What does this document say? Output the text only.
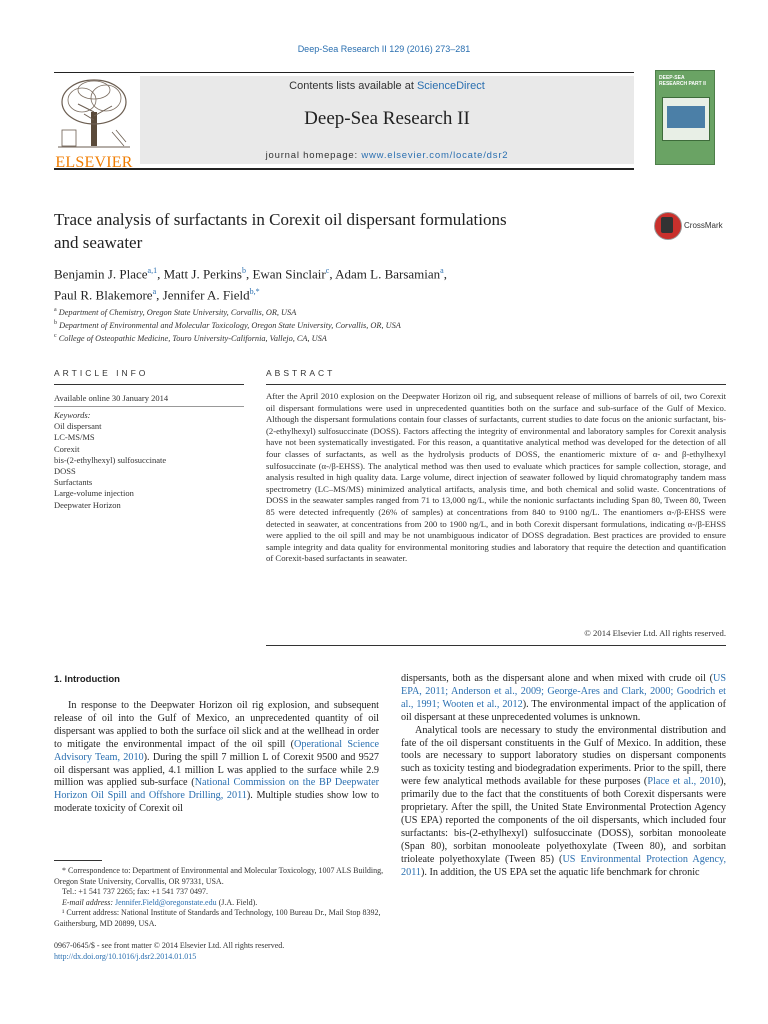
Deep-Sea Research II 129 (2016) 273–281
ELSEVIER
Contents lists available at ScienceDirect
Deep-Sea Research II
journal homepage: www.elsevier.com/locate/dsr2
DEEP-SEA RESEARCH PART II
Trace analysis of surfactants in Corexit oil dispersant formulations
and seawater
CrossMark
Benjamin J. Place$^{a,1}$, Matt J. Perkins$^b$, Ewan Sinclair$^c$, Adam L. Barsamian$^a$,
Paul R. Blakemore$^a$, Jennifer A. Field$^{b,*}$
$^a$ Department of Chemistry, Oregon State University, Corvallis, OR, USA
$^b$ Department of Environmental and Molecular Toxicology, Oregon State University, Corvallis, OR, USA
$^c$ College of Osteopathic Medicine, Touro University-California, Vallejo, CA, USA
ARTICLE INFO	ABSTRACT
Available online 30 January 2014
Keywords:
Oil dispersant
LC-MS/MS
Corexit
bis-(2-ethylhexyl) sulfosuccinate
DOSS
Surfactants
Large-volume injection
Deepwater Horizon
After the April 2010 explosion on the Deepwater Horizon oil rig, and subsequent release of millions of barrels of oil, two Corexit oil dispersant formulations were used in unprecedented quantities both on the surface and sub-surface of the Gulf of Mexico. Although the dispersant formulations contain four classes of surfactants, current studies to date focus on the anionic surfactant, bis-(2-ethylhexyl) sulfosuccinate (DOSS). Factors affecting the integrity of environmental and laboratory samples for Corexit analysis have not been systematically investigated. For this reason, a quantitative analytical method was developed for the detection of all four classes of surfactants, as well as the hydrolysis products of DOSS, the enantiomeric mixture of α- and β-ethylhexyl sulfosuccinate (α-/β-EHSS). The analytical method was then used to evaluate which practices for sample collection, storage, and analysis resulted in high quality data. Large volume, direct injection of seawater followed by liquid chromatography tandem mass spectrometry (LC–MS/MS) minimized analytical artifacts, analysis time, and both chemical and solid waste. Concentrations of DOSS in the seawater samples ranged from 71 to 13,000 ng/L, while the nonionic surfactants including Span 80, Tween 80, Tween 85 were detected infrequently (26% of samples) at concentrations from 840 to 9100 ng/L. The enantiomers α-/β-EHSS were detected in seawater, at concentrations from 200 to 1900 ng/L, and in both Corexit dispersant formulations, indicating α-/β-EHSS were applied to the oil spill and may be not unambiguous indicator of DOSS degradation. Best practices are provided to ensure sample integrity and data quality for environmental monitoring studies and laboratory that require the detection and quantification of Corexit-based surfactants in seawater.
© 2014 Elsevier Ltd. All rights reserved.
1. Introduction

In response to the Deepwater Horizon oil rig explosion, and subsequent release of oil into the Gulf of Mexico, an unprecedented quantity of oil dispersant was applied to both the surface oil slick and at the wellhead in order to mitigate the environmental impact of the oil spill (Operational Science Advisory Team, 2010). During the spill 7 million L of Corexit 9500 and 9527 oil dispersant was applied, 4.1 million L was applied to the surface while 2.9 million was applied sub-surface (National Commission on the BP Deepwater Horizon Oil Spill and Offshore Drilling, 2011). Multiple studies show low to moderate toxicity of Corexit oil

dispersants, both as the dispersant alone and when mixed with crude oil (US EPA, 2011; Anderson et al., 2009; George-Ares and Clark, 2000; Goodrich et al., 1991; Wooten et al., 2012). The environmental impact of the application of oil dispersant at these unprecedented volumes is unknown.

Analytical tools are necessary to study the environmental distribution and fate of the oil dispersant constituents in the Gulf of Mexico. In addition, these tools are necessary to support laboratory studies on dispersant components such as toxicity testing and biodegradation experiments. Prior to the spill, there were few analytical methods available for these purposes (Place et al., 2010), primarily due to the fact that the constituents of both Corexit dispersants were proprietary. After the spill, the United State Environmental Protection Agency (US EPA) reported the components of the oil dispersants, which included four surfactants: bis-(2-ethylhexyl) sulfosuccinate (DOSS), sorbitan monooleate (Span 80), sorbitan monooleate polyethoxylate (Tween 80), and sorbitan trioleate polyethoxylate (Tween 85) (US Environmental Protection Agency, 2011). In addition, the US EPA set the aquatic life benchmark for chronic

* Correspondence to: Department of Environmental and Molecular Toxicology, 1007 ALS Building, Oregon State University, Corvallis, OR 97331, USA.

Tel.: +1 541 737 2265; fax: +1 541 737 0497.

E-mail address: Jennifer.Field@oregonstate.edu (J.A. Field).

¹ Current address: National Institute of Standards and Technology, 100 Bureau Dr., Mail Stop 8392, Gaithersburg, MD 20899, USA.

0967-0645/$ - see front matter © 2014 Elsevier Ltd. All rights reserved.
http://dx.doi.org/10.1016/j.dsr2.2014.01.015
